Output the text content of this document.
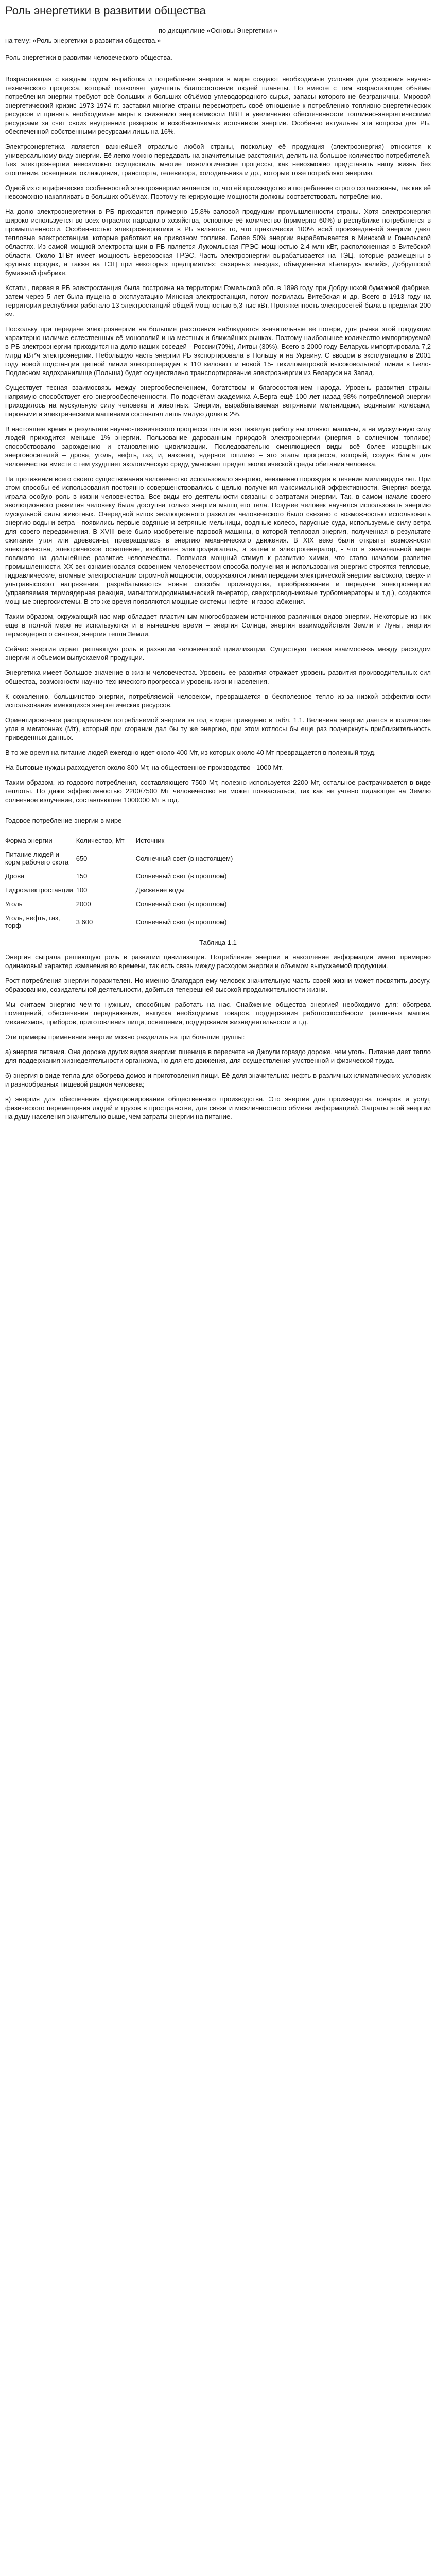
Роль энергетики в развитии общества
по дисциплине «Основы Энергетики »
на тему: «Роль энергетики в развитии общества.»
Роль энергетики в развитии человеческого общества.

Возрастающая с каждым годом выработка и потребление энергии в мире создают необходимые условия для ускорения научно-технического процесса, который позволяет улучшать благосостояние людей планеты. Но вместе с тем возрастающие объёмы потребления энергии требуют всё больших и больших объёмов углеводородного сырья, запасы которого не безграничны. Мировой энергетический кризис 1973-1974 гг. заставил многие страны пересмотреть своё отношение к потреблению топливно-энергетических ресурсов и принять необходимые меры к снижению энергоёмкости ВВП и увеличению обеспеченности топливно-энергетическими ресурсами за счёт своих внутренних резервов и возобновляемых источников энергии. Особенно актуальны эти вопросы для РБ, обеспеченной собственными ресурсами лишь на 16%.

Электроэнергетика является важнейшей отраслью любой страны, поскольку её продукция (электроэнергия) относится к универсальному виду энергии. Её легко можно передавать на значительные расстояния, делить на большое количество потребителей. Без электроэнергии невозможно осуществить многие технологические процессы, как невозможно представить нашу жизнь без отопления, освещения, охлаждения, транспорта, телевизора, холодильника и др., которые тоже потребляют энергию.

Одной из специфических особенностей электроэнергии является то, что её производство и потребление строго согласованы, так как её невозможно накапливать в больших объёмах. Поэтому генерирующие мощности должны соответствовать потреблению.

На долю электроэнергетики в РБ приходится примерно 15,8% валовой продукции промышленности страны. Хотя электроэнергия широко используется во всех отраслях народного хозяйства, основное её количество (примерно 60%) в республике потребляется в промышленности. Особенностью электроэнергетики в РБ является то, что практически 100% всей произведенной энергии дают тепловые электростанции, которые работают на привозном топливе. Более 50% энергии вырабатывается в Минской и Гомельской областях. Из самой мощной электростанции в РБ является Лукомльская ГРЭС мощностью 2,4 млн кВт, расположенная в Витебской области. Около 1ГВт имеет мощность Березовская ГРЭС. Часть электроэнергии вырабатывается на ТЭЦ, которые размещены в крупных городах, а также на ТЭЦ при некоторых предприятиях: сахарных заводах, объединении «Беларусь калий», Добрушской бумажной фабрике.

Кстати , первая в РБ электростанция была построена на территории Гомельской обл. в 1898 году при Добрушской бумажной фабрике, затем через 5 лет была пущена в эксплуатацию Минская электростанция, потом появилась Витебская и др. Всего в 1913 году на территории республики работало 13 электростанций общей мощностью 5,3 тыс кВт. Протяжённость электросетей была в пределах 200 км.

Поскольку при передаче электроэнергии на большие расстояния наблюдается значительные её потери, для рынка этой продукции характерно наличие естественных её монополий и на местных и ближайших рынках. Поэтому наибольшее количество импортируемой в РБ электроэнергии приходится на долю наших соседей - России(70%), Литвы (30%). Всего в 2000 году Беларусь импортировала 7,2 млрд кВт*ч электроэнергии. Небольшую часть энергии РБ экспортировала в Польшу и на Украину. С вводом в эксплуатацию в 2001 году новой подстанции цепной линии электропередач в 110 киловатт и новой 15- тикилометровой высоковольтной линии в Бело-Подлесном водохранилище (Польша) будет осуществлено транспортирование электроэнергии из Беларуси на Запад.

Существует тесная взаимосвязь между энергообеспечением, богатством и благосостоянием народа. Уровень развития страны напрямую способствует его энергообеспеченности. По подсчётам академика А.Берга ещё 100 лет назад 98% потребляемой энергии приходилось на мускульную силу человека и животных. Энергия, вырабатываемая ветряными мельницами, водяными колёсами, паровыми и электрическими машинами составлял лишь малую долю в 2%.

В настоящее время в результате научно-технического прогресса почти всю тяжёлую работу выполняют машины, а на мускульную силу людей приходится меньше 1% энергии. Пользование дарованным природой электроэнергии (энергия в солнечном топливе) способствовало зарождению и становлению цивилизации. Последовательно сменяющиеся виды всё более изощрённых энергоносителей – дрова, уголь, нефть, газ, и, наконец, ядерное топливо – это этапы прогресса, который, создав блага для человечества вместе с тем ухудшает экологическую среду, умножает предел экологической среды обитания человека.

На протяжении всего своего существования человечество использовало энергию, неизменно порождая в течение миллиардов лет. При этом способы её использования постоянно совершенствовались с целью получения максимальной эффективности. Энергия всегда играла особую роль в жизни человечества. Все виды его деятельности связаны с затратами энергии. Так, в самом начале своего эволюционного развития человеку была доступна только энергия мышц его тела. Позднее человек научился использовать энергию мускульной силы животных. Очередной виток эволюционного развития человеческого было связано с возможностью использовать энергию воды и ветра - появились первые водяные и ветряные мельницы, водяные колесо, парусные суда, используемые силу ветра для своего передвижения. В XVIII веке было изобретение паровой машины, в которой тепловая энергия, полученная в результате сжигания угля или древесины, превращалась в энергию механического движения. В XIX веке были открыты возможности электричества, электрическое освещение, изобретен электродвигатель, а затем и электрогенератор, - что в значительной мере повлияло на дальнейшее развитие человечества. Появился мощный стимул к развитию химии, что стало началом развития промышленности. XX век ознаменовался освоением человечеством способа получения и использования энергии: строятся тепловые, гидравлические, атомные электростанции огромной мощности, сооружаются линии передачи электрической энергии высокого, сверх- и ультравысокого напряжения, разрабатываются новые способы производства, преобразования и передачи электроэнергии (управляемая термоядерная реакция, магнитогидродинамический генератор, сверхпроводниковые турбогенераторы и т.д.), создаются мощные энергосистемы. В это же время появляются мощные системы нефте- и газоснабжения.

Таким образом, окружающий нас мир обладает пластичным многообразием источников различных видов энергии. Некоторые из них еще в полной мере не используются и в нынешнее время – энергия Солнца, энергия взаимодействия Земли и Луны, энергия термоядерного синтеза, энергия тепла Земли.

Сейчас энергия играет решающую роль в развитии человеческой цивилизации. Существует тесная взаимосвязь между расходом энергии и объемом выпускаемой продукции.

Энергетика имеет большое значение в жизни человечества. Уровень ее развития отражает уровень развития производительных сил общества, возможности научно-технического прогресса и уровень жизни населения.

К сожалению, большинство энергии, потребляемой человеком, превращается в бесполезное тепло из-за низкой эффективности использования имеющихся энергетических ресурсов.

Ориентировочное распределение потребляемой энергии за год в мире приведено в табл. 1.1. Величина энергии дается в количестве угля в мегатоннах (Мт), который при сгорании дал бы ту же энергию, при этом котлосы бы еще раз подчеркнуть приблизительность приведенных данных.

В то же время на питание людей ежегодно идет около 400 Мт, из которых около 40 Мт превращается в полезный труд.

На бытовые нужды расходуется около 800 Мт, на общественное производство - 1000 Мт.

Таким образом, из годового потребления, составляющего 7500 Мт, полезно используется 2200 Мт, остальное растрачивается в виде теплоты. Но даже эффективностью 2200/7500 Мт человечество не может похвастаться, так как не учтено падающее на Землю солнечное излучение, составляющее 1000000 Мт в год.

Годовое потребление энергии в мире
Форма энергии	Количество, Мт	Источник
Питание людей и корм рабочего скота	650	Солнечный свет (в настоящем)
Дрова	150	Солнечный свет (в прошлом)
Гидроэлектростанции	100	Движение воды
Уголь	2000	Солнечный свет (в прошлом)
Уголь, нефть, газ, торф	3 600	Солнечный свет (в прошлом)
Таблица 1.1

Энергия сыграла решающую роль в развитии цивилизации. Потребление энергии и накопление информации имеет примерно одинаковый характер изменения во времени, так есть связь между расходом энергии и объемом выпускаемой продукции.

Рост потребления энергии поразителен. Но именно благодаря ему человек значительную часть своей жизни может посвятить досугу, образованию, созидательной деятельности, добиться теперешней высокой продолжительности жизни.

Мы считаем энергию чем-то нужным, способным работать на нас. Снабжение общества энергией необходимо для: обогрева помещений, обеспечения передвижения, выпуска необходимых товаров, поддержания работоспособности различных машин, механизмов, приборов, приготовления пищи, освещения, поддержания жизнедеятельности и т.д.

Эти примеры применения энергии можно разделить на три большие группы:

а) энергия питания. Она дороже других видов энергии: пшеница в пересчете на Джоули гораздо дороже, чем уголь. Питание дает тепло для поддержания жизнедеятельности организма, но для его движения, для осуществления умственной и физической труда.

б) энергия в виде тепла для обогрева домов и приготовления пищи. Её доля значительна: нефть в различных климатических условиях и разнообразных пищевой рацион человека;

в) энергия для обеспечения функционирования общественного производства. Это энергия для производства товаров и услуг, физического перемещения людей и грузов в пространстве, для связи и межличностного обмена информацией. Затраты этой энергии на душу населения значительно выше, чем затраты энергии на питание.
